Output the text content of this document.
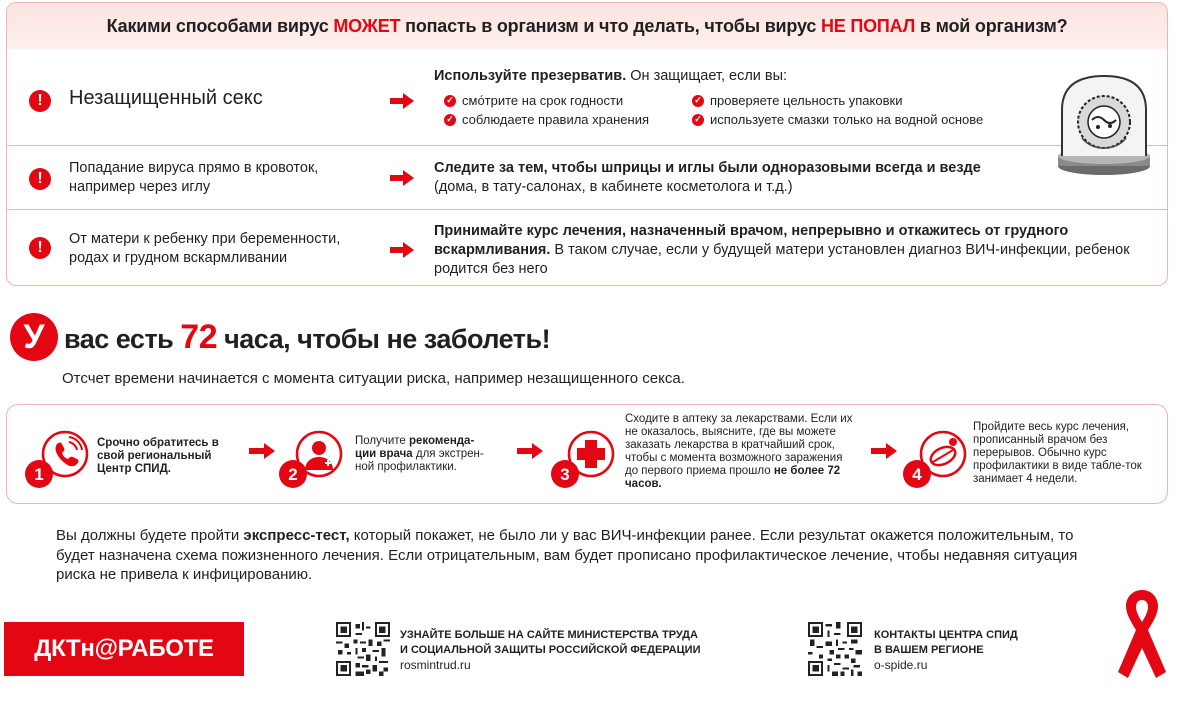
Какими способами вирус МОЖЕТ попасть в организм и что делать, чтобы вирус НЕ ПОПАЛ в мой организм?
!	Незащищенный секс
Используйте презерватив. Он защищает, если вы:
✓ смо́трите на срок годности	✓ проверяете цельность упаковки
✓ соблюдаете правила хранения	✓ используете смазки только на водной основе
!
Попадание вируса прямо в кровоток,
например через иглу
Следите за тем, чтобы шприцы и иглы были одноразовыми всегда и везде
(дома, в тату-салонах, в кабинете косметолога и т.д.)
!	От матери к ребенку при беременности,
родах и грудном вскармливании
Принимайте курс лечения, назначенный врачом, непрерывно и откажитесь от грудного вскармливания. В таком случае, если у будущей матери установлен диагноз ВИЧ-инфекции, ребенок родится без него
У вас есть 72 часа, чтобы не заболеть!
Отсчет времени начинается с момента ситуации риска, например незащищенного секса.
1
Срочно обратитесь в свой региональный Центр СПИД.	2
Получите рекоменда-ции врача для экстрен-ной профилактики.	3
Сходите в аптеку за лекарствами. Если их не оказалось, выясните, где вы можете заказать лекарства в кратчайший срок, чтобы с момента возможного заражения до первого приема прошло не более 72 часов.	4
Пройдите весь курс лечения, прописанный врачом без перерывов. Обычно курс профилактики в виде табле-ток занимает 4 недели.
Вы должны будете пройти экспресс-тест, который покажет, не было ли у вас ВИЧ-инфекции ранее. Если результат окажется положительным, то будет назначена схема пожизненного лечения. Если отрицательным, вам будет прописано профилактическое лечение, чтобы недавняя ситуация риска не привела к инфицированию.
ДКТн@РАБОТЕ	УЗНАЙТЕ БОЛЬШЕ НА САЙТЕ МИНИСТЕРСТВА ТРУДА
И СОЦИАЛЬНОЙ ЗАЩИТЫ РОССИЙСКОЙ ФЕДЕРАЦИИ
rosmintrud.ru
КОНТАКТЫ ЦЕНТРА СПИД
В ВАШЕМ РЕГИОНЕ
o-spide.ru
